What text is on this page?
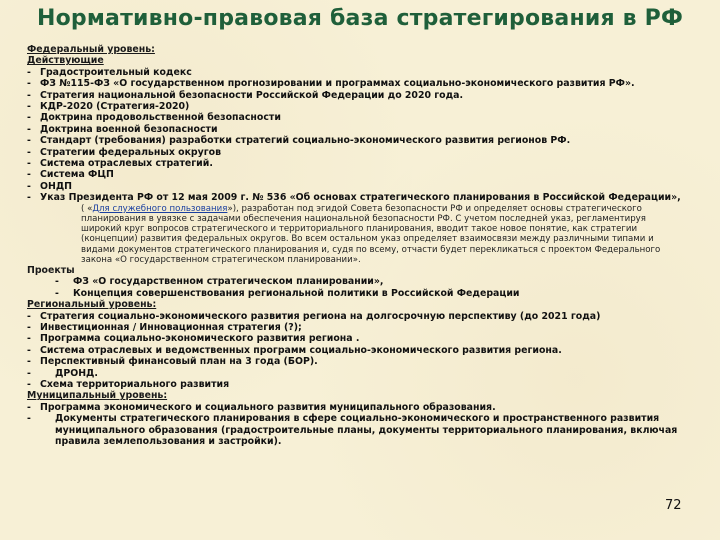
Нормативно-правовая база стратегирования в РФ
Федеральный уровень:
Действующие
- Градостроительный кодекс
- ФЗ №115-ФЗ «О государственном прогнозировании и программах социально-экономического развития РФ».
- Стратегия национальной безопасности Российской Федерации до 2020 года.
- КДР-2020 (Стратегия-2020)
- Доктрина продовольственной безопасности
- Доктрина военной безопасности
- Стандарт (требования) разработки стратегий социально-экономического развития регионов РФ.
- Стратегии федеральных округов
- Система отраслевых стратегий.
- Система ФЦП
- ОНДП
- Указ Президента РФ от 12 мая 2009 г. № 536 «Об основах стратегического планирования в Российской Федерации»,
( «Для служебного пользования»), разработан под эгидой Совета безопасности РФ и определяет основы стратегического планирования в увязке с задачами обеспечения национальной безопасности РФ. С учетом последней указ, регламентируя широкий круг вопросов стратегического и территориального планирования, вводит такое новое понятие, как стратегии (концепции) развития федеральных округов. Во всем остальном указ определяет взаимосвязи между различными типами и видами документов стратегического планирования и, судя по всему, отчасти будет перекликаться с проектом Федерального закона «О государственном стратегическом планировании».
Проекты
- ФЗ «О государственном стратегическом планировании»,
- Концепция совершенствования региональной политики в Российской Федерации
Региональный уровень:
- Стратегия социально-экономического развития региона на долгосрочную перспективу (до 2021 года)
- Инвестиционная / Инновационная стратегия (?);
- Программа социально-экономического развития региона .
- Система отраслевых и ведомственных программ социально-экономического развития региона.
- Перспективный финансовый план на 3 года (БОР).
-	ДРОНД.
- Схема территориального развития
Муниципальный уровень:
- Программа экономического и социального развития муниципального образования.
-	Документы стратегического планирования в сфере социально-экономического и пространственного развития муниципального образования (градостроительные планы, документы территориального планирования, включая правила землепользования и застройки).
72
